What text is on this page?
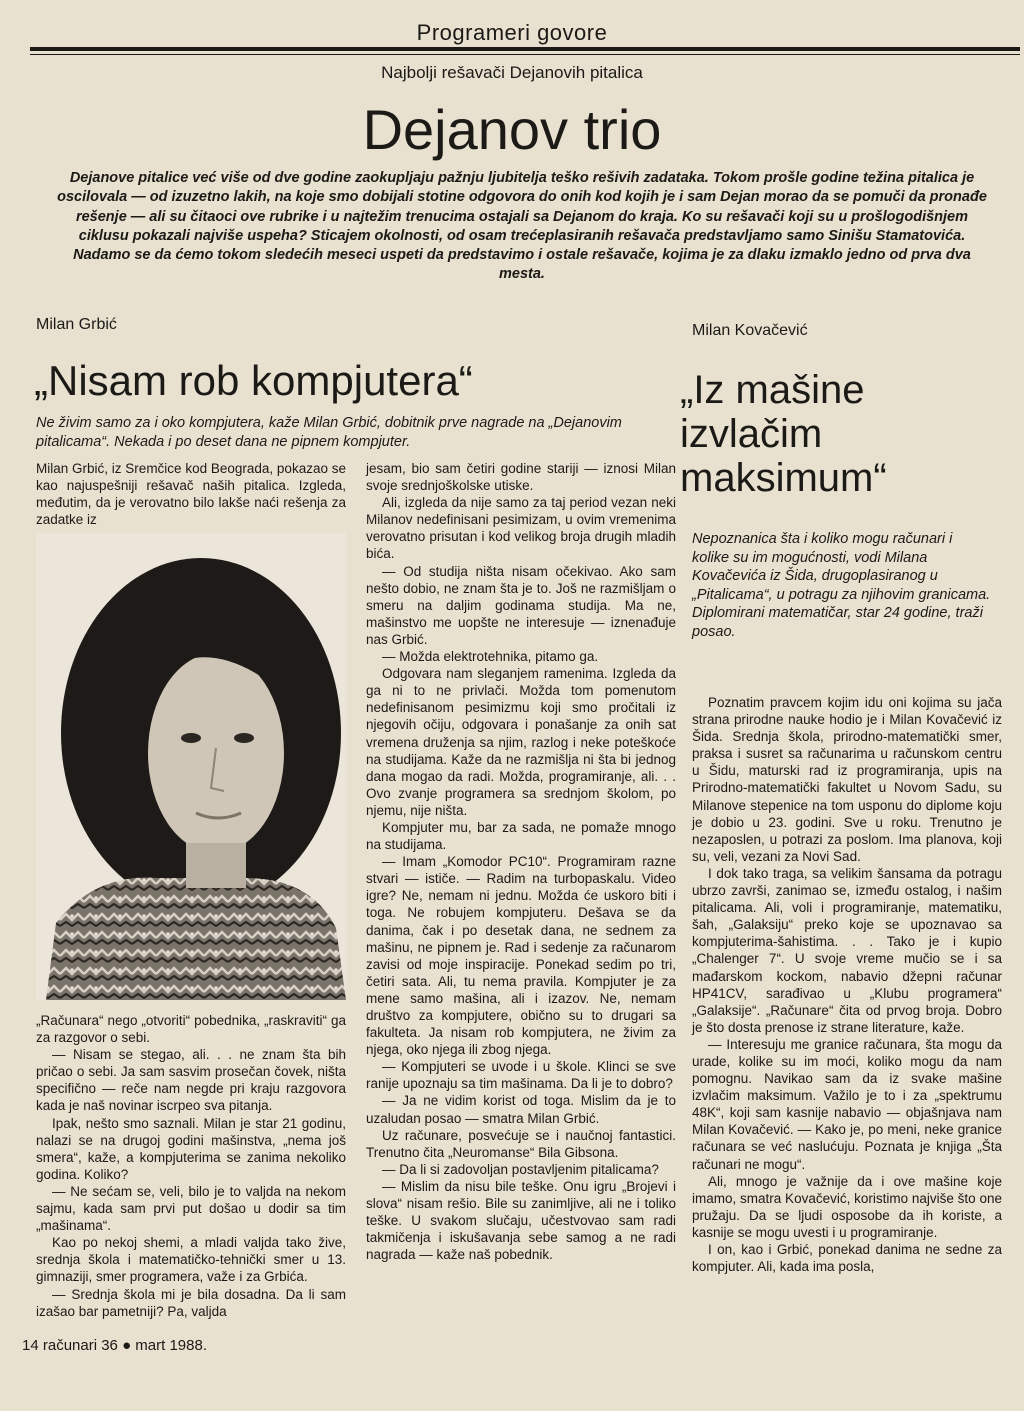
Programeri govore
Najbolji rešavači Dejanovih pitalica
Dejanov trio
Dejanove pitalice već više od dve godine zaokupljaju pažnju ljubitelja teško rešivih zadataka. Tokom prošle godine težina pitalica je oscilovala — od izuzetno lakih, na koje smo dobijali stotine odgovora do onih kod kojih je i sam Dejan morao da se pomuči da pronađe rešenje — ali su čitaoci ove rubrike i u najtežim trenucima ostajali sa Dejanom do kraja. Ko su rešavači koji su u prošlogodišnjem ciklusu pokazali najviše uspeha? Sticajem okolnosti, od osam trećeplasiranih rešavača predstavljamo samo Sinišu Stamatovića. Nadamo se da ćemo tokom sledećih meseci uspeti da predstavimo i ostale rešavače, kojima je za dlaku izmaklo jedno od prva dva mesta.
Milan Grbić
„Nisam rob kompjutera“
Ne živim samo za i oko kompjutera, kaže Milan Grbić, dobitnik prve nagrade na „Dejanovim pitalicama“. Nekada i po deset dana ne pipnem kompjuter.

Milan Grbić, iz Sremčice kod Beograda, pokazao se kao najuspešniji rešavač naših pitalica. Izgleda, međutim, da je verovatno bilo lakše naći rešenja za zadatke iz

„Računara“ nego „otvoriti“ pobednika, „raskraviti“ ga za razgovor o sebi.

— Nisam se stegao, ali. . . ne znam šta bih pričao o sebi. Ja sam sasvim prosečan čovek, ništa specifično — reče nam negde pri kraju razgovora kada je naš novinar iscrpeo sva pitanja.

Ipak, nešto smo saznali. Milan je star 21 godinu, nalazi se na drugoj godini mašinstva, „nema još smera“, kaže, a kompjuterima se zanima nekoliko godina. Koliko?

— Ne sećam se, veli, bilo je to valjda na nekom sajmu, kada sam prvi put došao u dodir sa tim „mašinama“.

Kao po nekoj shemi, a mladi valjda tako žive, srednja škola i matematičko-tehnički smer u 13. gimnaziji, smer programera, važe i za Grbića.

— Srednja škola mi je bila dosadna. Da li sam izašao bar pametniji? Pa, valjda

jesam, bio sam četiri godine stariji — iznosi Milan svoje srednjoškolske utiske.

Ali, izgleda da nije samo za taj period vezan neki Milanov nedefinisani pesimizam, u ovim vremenima verovatno prisutan i kod velikog broja drugih mladih bića.

— Od studija ništa nisam očekivao. Ako sam nešto dobio, ne znam šta je to. Još ne razmišljam o smeru na daljim godinama studija. Ma ne, mašinstvo me uopšte ne interesuje — iznenađuje nas Grbić.

— Možda elektrotehnika, pitamo ga.

Odgovara nam sleganjem ramenima. Izgleda da ga ni to ne privlači. Možda tom pomenutom nedefinisanom pesimizmu koji smo pročitali iz njegovih očiju, odgovara i ponašanje za onih sat vremena druženja sa njim, razlog i neke poteškoće na studijama. Kaže da ne razmišlja ni šta bi jednog dana mogao da radi. Možda, programiranje, ali. . . Ovo zvanje programera sa srednjom školom, po njemu, nije ništa.

Kompjuter mu, bar za sada, ne pomaže mnogo na studijama.

— Imam „Komodor PC10“. Programiram razne stvari — ističe. — Radim na turbopaskalu. Video igre? Ne, nemam ni jednu. Možda će uskoro biti i toga. Ne robujem kompjuteru. Dešava se da danima, čak i po desetak dana, ne sednem za mašinu, ne pipnem je. Rad i sedenje za računarom zavisi od moje inspiracije. Ponekad sedim po tri, četiri sata. Ali, tu nema pravila. Kompjuter je za mene samo mašina, ali i izazov. Ne, nemam društvo za kompjutere, obično su to drugari sa fakulteta. Ja nisam rob kompjutera, ne živim za njega, oko njega ili zbog njega.

— Kompjuteri se uvode i u škole. Klinci se sve ranije upoznaju sa tim mašinama. Da li je to dobro?

— Ja ne vidim korist od toga. Mislim da je to uzaludan posao — smatra Milan Grbić.

Uz računare, posvećuje se i naučnoj fantastici. Trenutno čita „Neuromanse“ Bila Gibsona.

— Da li si zadovoljan postavljenim pitalicama?

— Mislim da nisu bile teške. Onu igru „Brojevi i slova“ nisam rešio. Bile su zanimljive, ali ne i toliko teške. U svakom slučaju, učestvovao sam radi takmičenja i iskušavanja sebe samog a ne radi nagrada — kaže naš pobednik.

Milan Kovačević
„Iz mašine
izvlačim
maksimum“
Nepoznanica šta i koliko mogu računari i kolike su im mogućnosti, vodi Milana Kovačevića iz Šida, drugoplasiranog u „Pitalicama“, u potragu za njihovim granicama. Diplomirani matematičar, star 24 godine, traži posao.

Poznatim pravcem kojim idu oni kojima su jača strana prirodne nauke hodio je i Milan Kovačević iz Šida. Srednja škola, prirodno-matematički smer, praksa i susret sa računarima u računskom centru u Šidu, maturski rad iz programiranja, upis na Prirodno-matematički fakultet u Novom Sadu, su Milanove stepenice na tom usponu do diplome koju je dobio u 23. godini. Sve u roku. Trenutno je nezaposlen, u potrazi za poslom. Ima planova, koji su, veli, vezani za Novi Sad.

I dok tako traga, sa velikim šansama da potragu ubrzo završi, zanimao se, između ostalog, i našim pitalicama. Ali, voli i programiranje, matematiku, šah, „Galaksiju“ preko koje se upoznavao sa kompjuterima-šahistima. . . Tako je i kupio „Chalenger 7“. U svoje vreme mučio se i sa mađarskom kockom, nabavio džepni računar HP41CV, sarađivao u „Klubu programera“ „Galaksije“. „Računare“ čita od prvog broja. Dobro je što dosta prenose iz strane literature, kaže.

— Interesuju me granice računara, šta mogu da urade, kolike su im moći, koliko mogu da nam pomognu. Navikao sam da iz svake mašine izvlačim maksimum. Važilo je to i za „spektrumu 48K“, koji sam kasnije nabavio — objašnjava nam Milan Kovačević. — Kako je, po meni, neke granice računara se već naslućuju. Poznata je knjiga „Šta računari ne mogu“.

Ali, mnogo je važnije da i ove mašine koje imamo, smatra Kovačević, koristimo najviše što one pružaju. Da se ljudi osposobe da ih koriste, a kasnije se mogu uvesti i u programiranje.

I on, kao i Grbić, ponekad danima ne sedne za kompjuter. Ali, kada ima posla,

14 računari 36 ● mart 1988.
